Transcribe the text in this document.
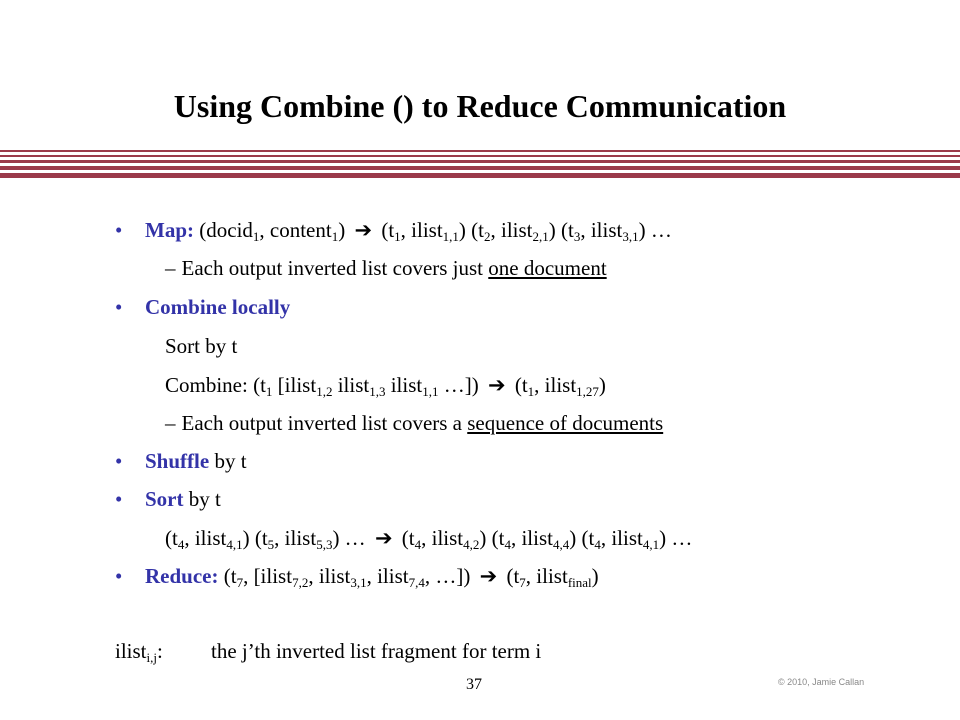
Using Combine () to Reduce Communication
• Map: (docid$_1$, content$_1$) ➔ ($t_1$, ilist$_{1,1}$) ($t_2$, ilist$_{2,1}$) ($t_3$, ilist$_{3,1}$) …
– Each output inverted list covers just one document
• Combine locally
Sort by t
Combine: ($t_1$ [ilist$_{1,2}$ ilist$_{1,3}$ ilist$_{1,1}$ …]) ➔ ($t_1$, ilist$_{1,27}$)
– Each output inverted list covers a sequence of documents
• Shuffle by t
• Sort by t
($t_4$, ilist$_{4,1}$) ($t_5$, ilist$_{5,3}$) … ➔ ($t_4$, ilist$_{4,2}$) ($t_4$, ilist$_{4,4}$) ($t_4$, ilist$_{4,1}$) …
• Reduce: ($t_7$, [ilist$_{7,2}$, ilist$_{3,1}$, ilist$_{7,4}$, …]) ➔ ($t_7$, ilist$_{final}$)
ilist$_{i,j}$: the j’th inverted list fragment for term i
37	© 2010, Jamie Callan
